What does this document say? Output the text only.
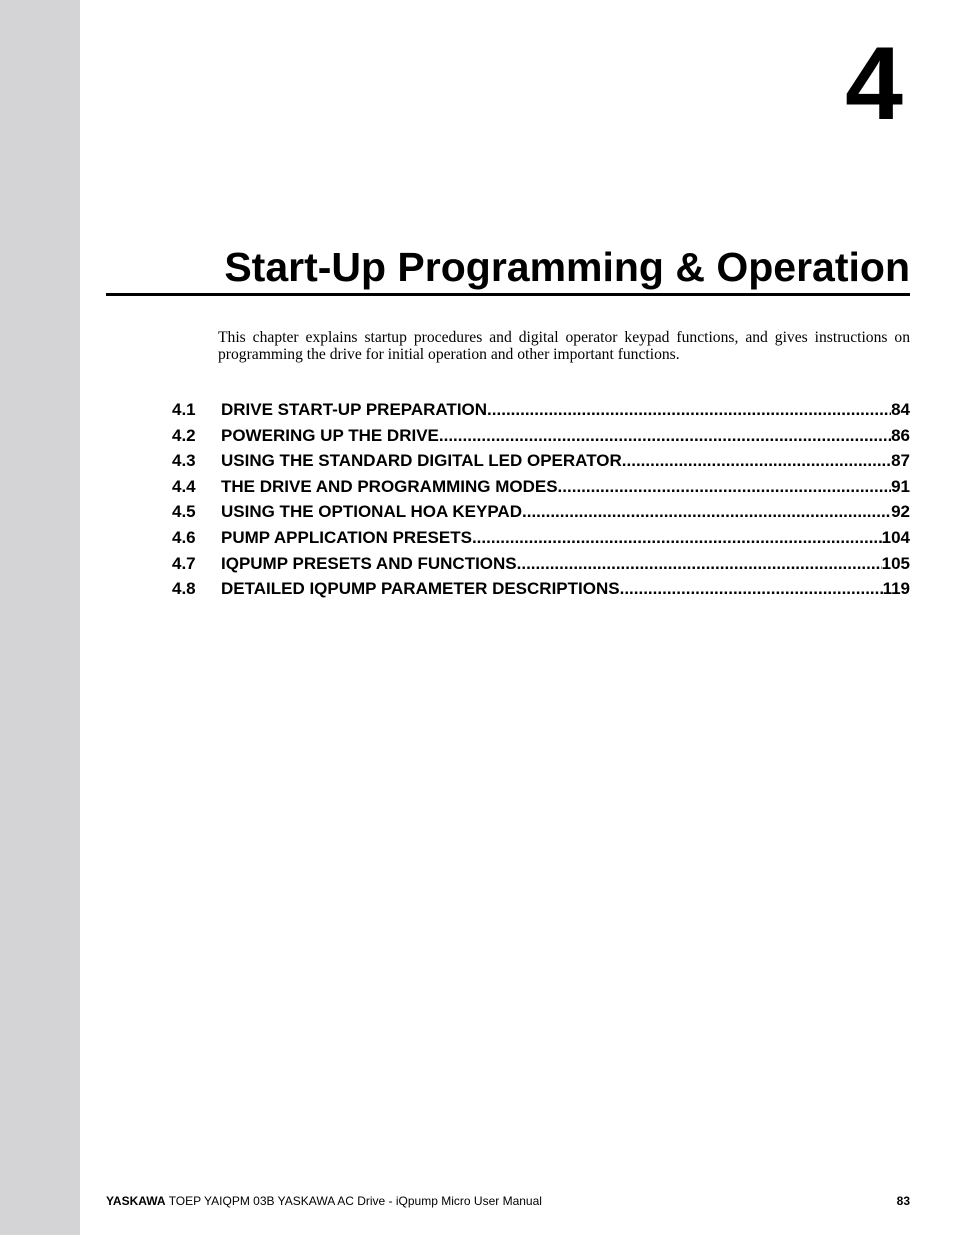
4
Start-Up Programming & Operation
This chapter explains startup procedures and digital operator keypad functions, and gives instructions on programming the drive for initial operation and other important functions.
4.1	DRIVE START-UP PREPARATION .....	84
4.2	POWERING UP THE DRIVE .....	86
4.3	USING THE STANDARD DIGITAL LED OPERATOR .....	87
4.4	THE DRIVE AND PROGRAMMING MODES .....	91
4.5	USING THE OPTIONAL HOA KEYPAD .....	92
4.6	PUMP APPLICATION PRESETS .....	104
4.7	IQPUMP PRESETS AND FUNCTIONS .....	105
4.8	DETAILED IQPUMP PARAMETER DESCRIPTIONS .....	119
YASKAWA TOEP YAIQPM 03B YASKAWA AC Drive - iQpump Micro User Manual	83
